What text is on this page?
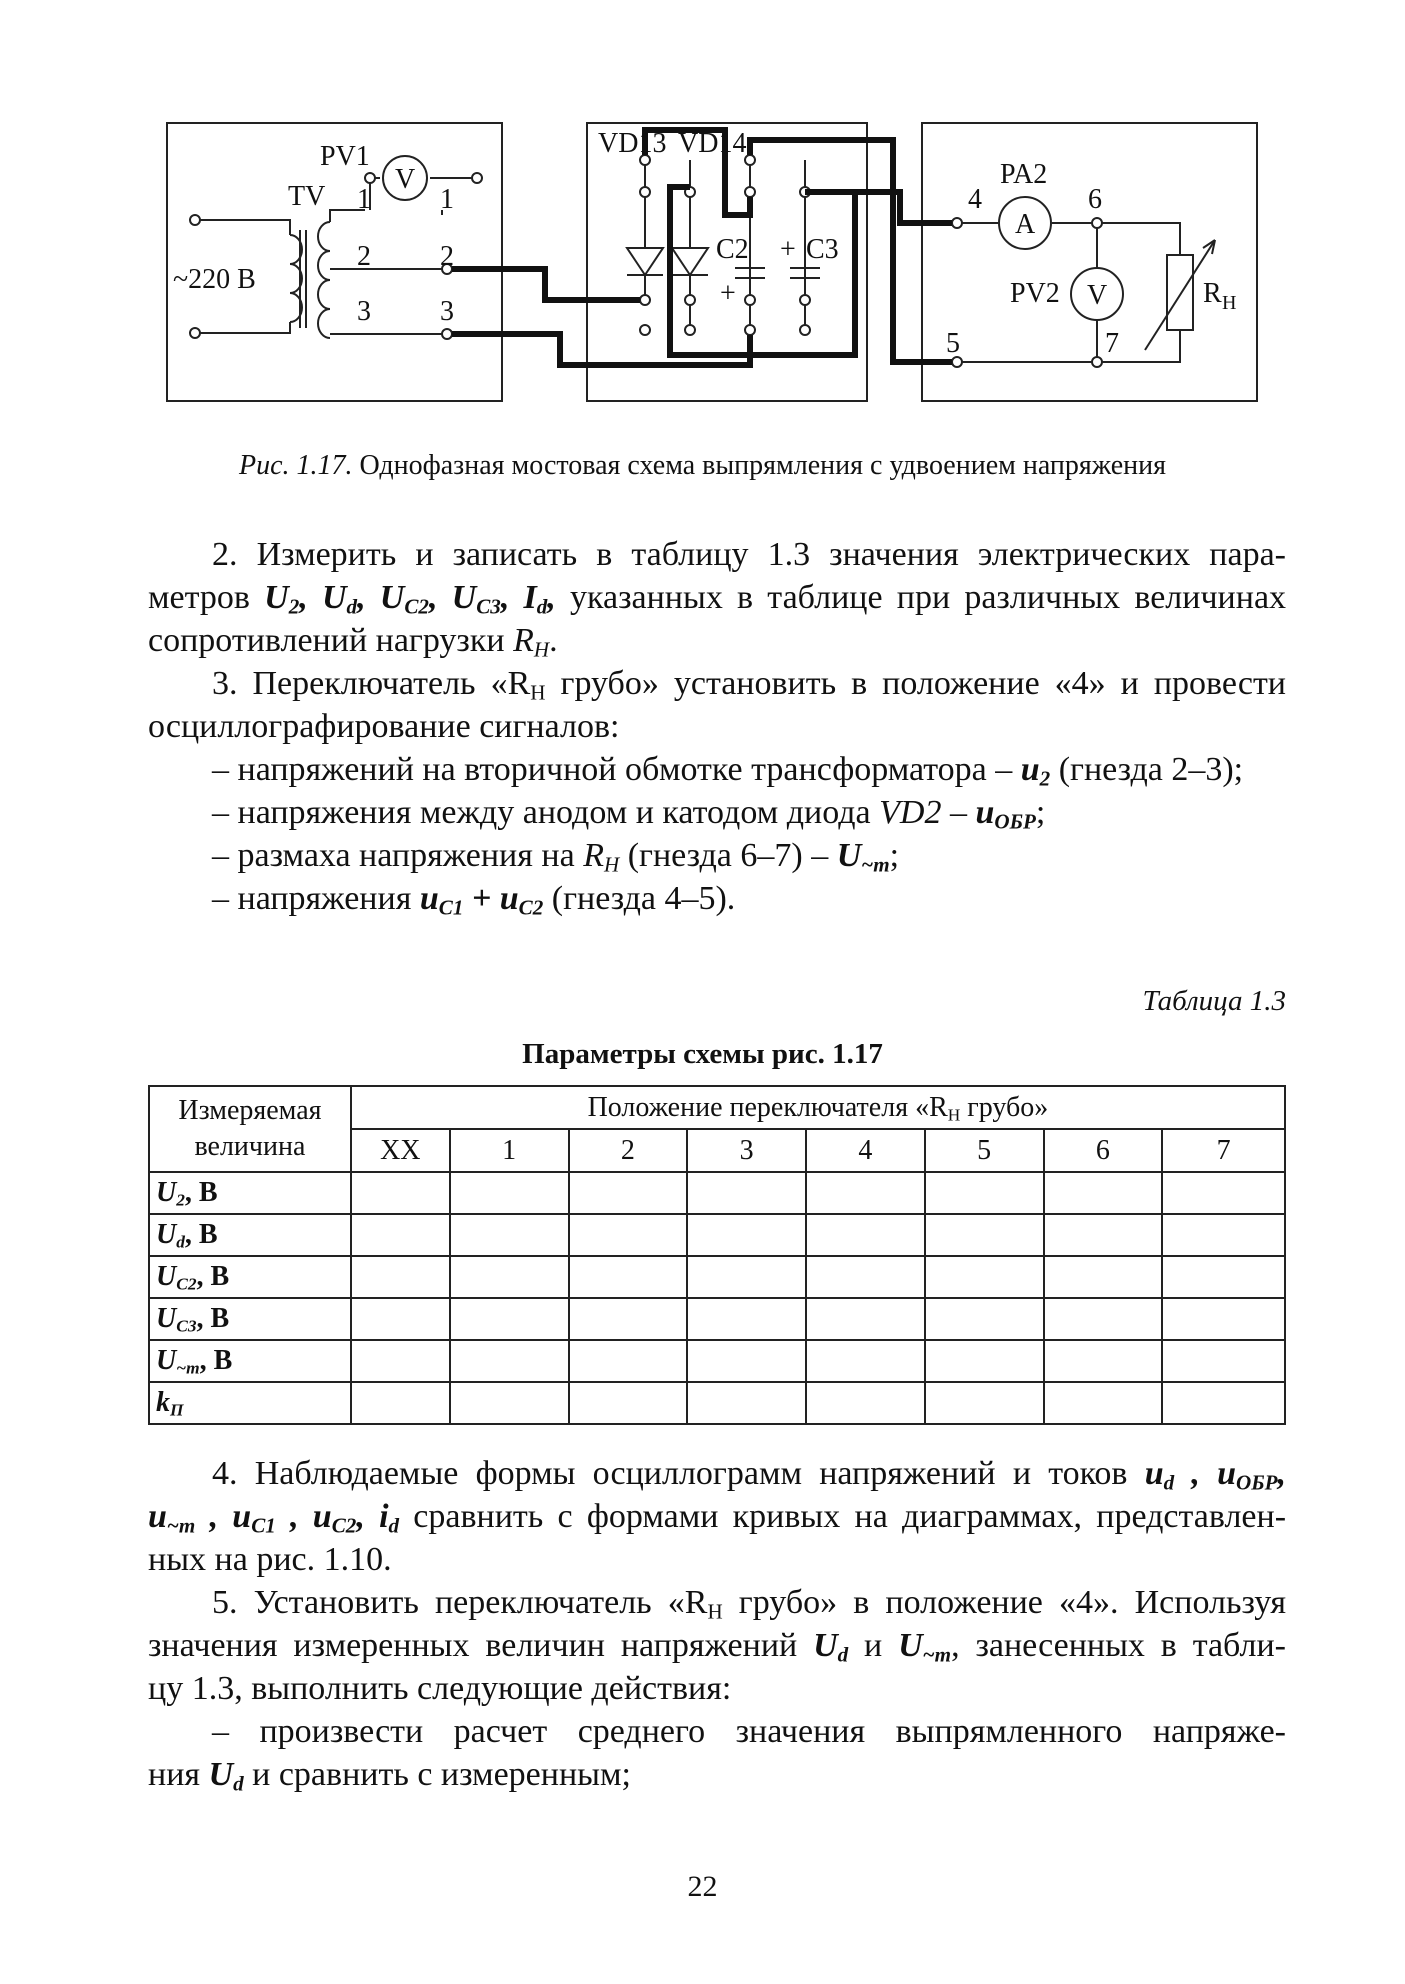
PV1
TV
~220 В
V
1 1
2 2
3 3
VD13 VD14
C2 C3
+
+
PA2
PV2
A
V
4	6
5	7
R Н
Рис. 1.17. Однофазная мостовая схема выпрямления с удвоением напряжения

2. Измерить и записать в таблицу 1.3 значения электрических пара-

метров $U_2$, $U_d$, $U_{C2}$, $U_{C3}$, $I_d$, указанных в таблице при различных величинах

сопротивлений нагрузки $R_Н$.

3. Переключатель «$R_Н$ грубо» установить в положение «4» и провести

осциллографирование сигналов:

– напряжений на вторичной обмотке трансформатора – $u_2$ (гнезда 2–3);

– напряжения между анодом и катодом диода $VD2 - u_{ОБР}$;

– размаха напряжения на $R_Н$ (гнезда $6-7) - U_{\sim m}$;

– напряжения $u_{C1} + u_{C2}$ (гнезда 4–5).

Таблица 1.3
Параметры схемы рис. 1.17
Измеряемая
величина	Положение переключателя «$R_Н$ грубо»							
	ХХ	1	2	3	4	5	6	7
$U_2$, В								
$U_d$, В								
$U_{C2}$, В								
$U_{C3}$, В								
$U_{\sim m}$, В								
$k_П$								

4. Наблюдаемые формы осциллограмм напряжений и токов $u_d$ , $u_{ОБР}$,

$u_{\sim m}$ , $u_{C1}$ , $u_{C2}$, $i_d$ сравнить с формами кривых на диаграммах, представлен-

ных на рис. 1.10.

5. Установить переключатель «$R_Н$ грубо» в положение «4». Используя

значения измеренных величин напряжений $U_d$ и $U_{\sim m}$, занесенных в табли-

цу 1.3, выполнить следующие действия:

– произвести расчет среднего значения выпрямленного напряже-

ния $U_d$ и сравнить с измеренным;

22
